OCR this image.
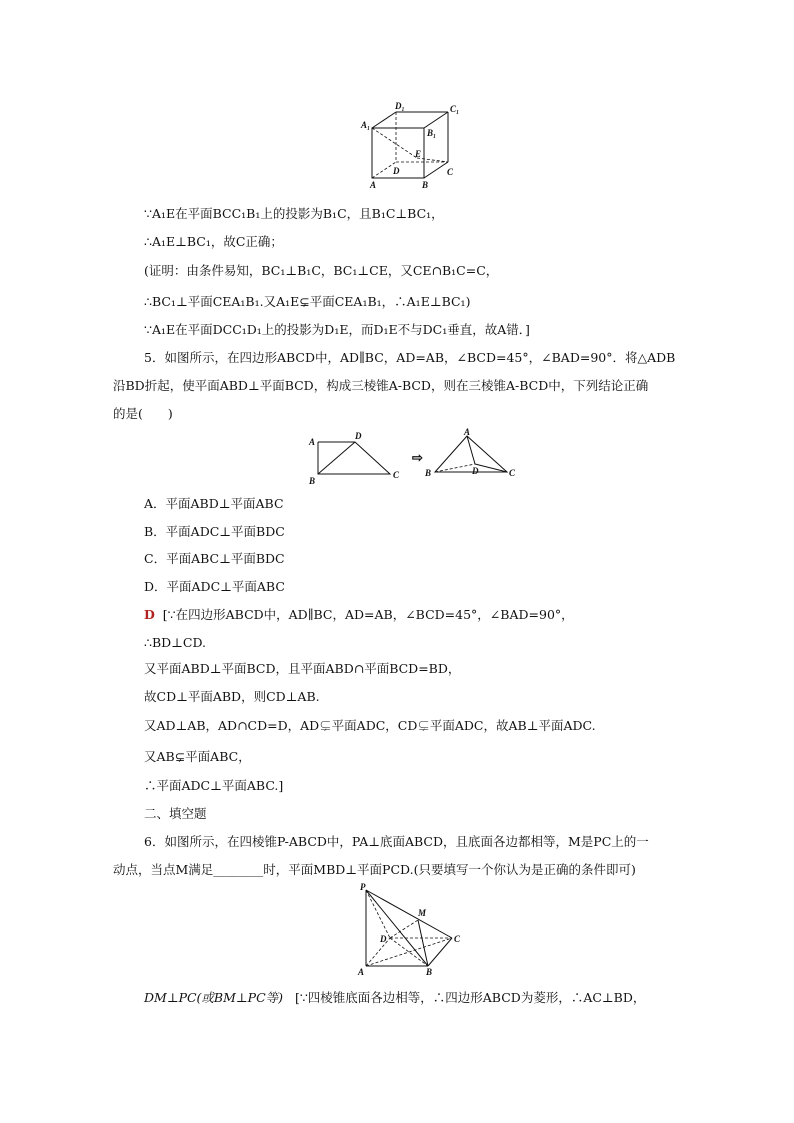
D₁	C₁
A₁
B₁
E
D	C
A	B
∵A₁E在平面BCC₁B₁上的投影为B₁C，且B₁C⊥BC₁，
∴A₁E⊥BC₁，故C正确；
(证明：由条件易知，BC₁⊥B₁C，BC₁⊥CE，又CE∩B₁C=C，
∴BC₁⊥平面CEA₁B₁.又A₁E⊊平面CEA₁B₁，∴A₁E⊥BC₁)
∵A₁E在平面DCC₁D₁上的投影为D₁E，而D₁E不与DC₁垂直，故A错．]
5．如图所示，在四边形ABCD中，AD∥BC，AD=AB，∠BCD=45°，∠BAD=90°．将△ADB
沿BD折起，使平面ABD⊥平面BCD，构成三棱锥A-BCD，则在三棱锥A-BCD中，下列结论正确
的是(　　)
A
D
B
C
⇨
A
B	D	C
A．平面ABD⊥平面ABC
B．平面ADC⊥平面BDC
C．平面ABC⊥平面BDC
D．平面ADC⊥平面ABC
D [∵在四边形ABCD中，AD∥BC，AD=AB，∠BCD=45°，∠BAD=90°，
∴BD⊥CD.
又平面ABD⊥平面BCD，且平面ABD∩平面BCD=BD，
故CD⊥平面ABD，则CD⊥AB.
又AD⊥AB，AD∩CD=D，AD⊊平面ADC，CD⊊平面ADC，故AB⊥平面ADC.
又AB⊊平面ABC，
∴平面ADC⊥平面ABC.]
二、填空题
6．如图所示，在四棱锥P-ABCD中，PA⊥底面ABCD，且底面各边都相等，M是PC上的一
动点，当点M满足________时，平面MBD⊥平面PCD.(只要填写一个你认为是正确的条件即可)
P
M
D	C
A	B
DM⊥PC(或BM⊥PC等) [∵四棱锥底面各边相等，∴四边形ABCD为菱形，∴AC⊥BD，
